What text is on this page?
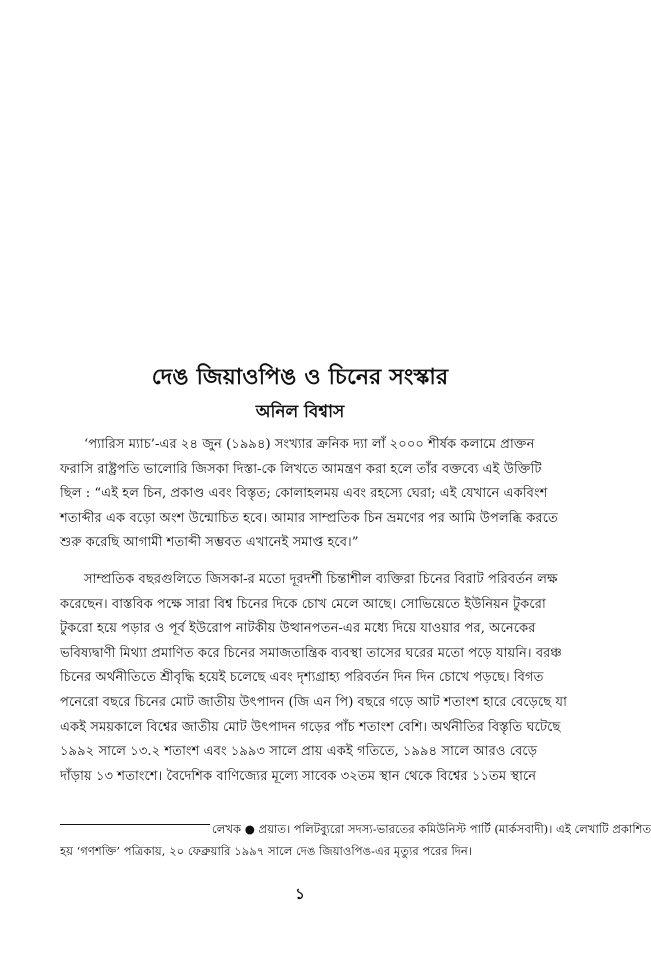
দেঙ জিয়াওপিঙ ও চিনের সংস্কার
অনিল বিশ্বাস
‘প্যারিস ম্যাচ’-এর ২৪ জুন (১৯৯৪) সংখ্যার ক্রনিক দ্যা লাঁ ২০০০ শীর্ষক কলামে প্রাক্তন
ফরাসি রাষ্ট্রপতি ভালোরি জিসকা দিস্তা-কে লিখতে আমন্ত্রণ করা হলে তাঁর বক্তব্যে এই উক্তিটি
ছিল : “এই হল চিন, প্রকাণ্ড এবং বিস্তৃত; কোলাহলময় এবং রহস্যে ঘেরা; এই যেখানে একবিংশ
শতাব্দীর এক বড়ো অংশ উন্মোচিত হবে। আমার সাম্প্রতিক চিন ভ্রমণের পর আমি উপলব্ধি করতে
শুরু করেছি আগামী শতাব্দী সম্ভবত এখানেই সমাপ্ত হবে।”
সাম্প্রতিক বছরগুলিতে জিসকা-র মতো দূরদর্শী চিন্তাশীল ব্যক্তিরা চিনের বিরাট পরিবর্তন লক্ষ
করেছেন। বাস্তবিক পক্ষে সারা বিশ্ব চিনের দিকে চোখ মেলে আছে। সোভিয়েতে ইউনিয়ন টুকরো
টুকরো হয়ে পড়ার ও পূর্ব ইউরোপ নাটকীয় উত্থানপতন-এর মধ্যে দিয়ে যাওয়ার পর, অনেকের
ভবিষ্যদ্বাণী মিথ্যা প্রমাণিত করে চিনের সমাজতান্ত্রিক ব্যবস্থা তাসের ঘরের মতো পড়ে যায়নি। বরঞ্চ
চিনের অর্থনীতিতে শ্রীবৃদ্ধি হয়েই চলেছে এবং দৃশ্যগ্রাহ্য পরিবর্তন দিন দিন চোখে পড়ছে। বিগত
পনেরো বছরে চিনের মোট জাতীয় উৎপাদন (জি এন পি) বছরে গড়ে আট শতাংশ হারে বেড়েছে যা
একই সময়কালে বিশ্বের জাতীয় মোট উৎপাদন গড়ের পাঁচ শতাংশ বেশি। অর্থনীতির বিস্তৃতি ঘটেছে
১৯৯২ সালে ১৩.২ শতাংশ এবং ১৯৯৩ সালে প্রায় একই গতিতে, ১৯৯৪ সালে আরও বেড়ে
দাঁড়ায় ১৩ শতাংশে। বৈদেশিক বাণিজ্যের মূল্যে সাবেক ৩২তম স্থান থেকে বিশ্বের ১১তম স্থানে
লেখক ● প্রয়াত। পলিটব্যুরো সদস্য-ভারতের কমিউনিস্ট পার্টি (মার্কসবাদী)। এই লেখাটি প্রকাশিত
হয় ‘গণশক্তি’ পত্রিকায়, ২০ ফেব্রুয়ারি ১৯৯৭ সালে দেঙ জিয়াওপিঙ-এর মৃত্যুর পরের দিন।
১
